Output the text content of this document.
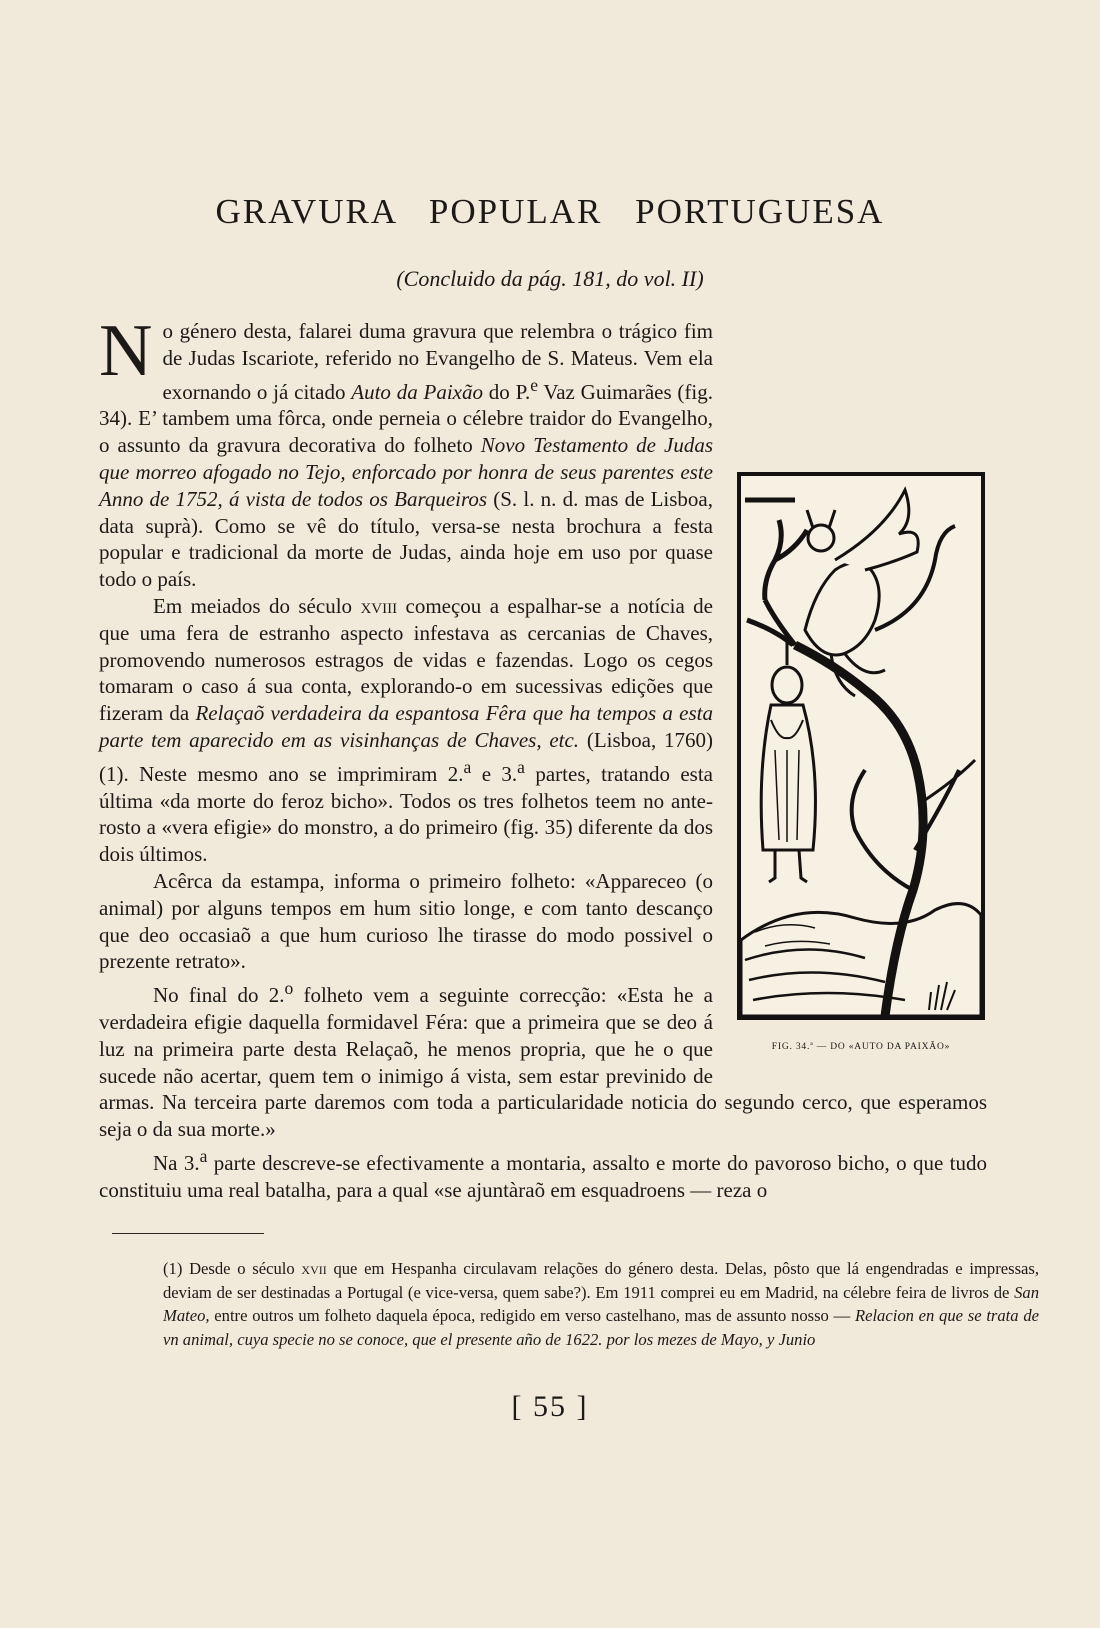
GRAVURA POPULAR PORTUGUESA

(Concluido da pág. 181, do vol. II)

FIG. 34.ª — DO «AUTO DA PAIXÃO»
N o género desta, falarei duma gravura que relembra o trágico fim de Judas Iscariote, referido no Evangelho de S. Mateus. Vem ela exornando o já citado Auto da Paixão do P.$^e$ Vaz Guimarães (fig. 34). E’ tambem uma fôrca, onde perneia o célebre traidor do Evangelho, o assunto da gravura decorativa do folheto Novo Testamento de Judas que morreo afogado no Tejo, enforcado por honra de seus parentes este Anno de 1752, á vista de todos os Barqueiros (S. l. n. d. mas de Lisboa, data suprà). Como se vê do título, versa-se nesta brochura a festa popular e tradicional da morte de Judas, ainda hoje em uso por quase todo o país.

Em meiados do século xviii começou a espalhar-se a notícia de que uma fera de estranho aspecto infestava as cercanias de Chaves, promovendo numerosos estragos de vidas e fazendas. Logo os cegos tomaram o caso á sua conta, explorando-o em sucessivas edições que fizeram da Relaçaõ verdadeira da espantosa Fêra que ha tempos a esta parte tem aparecido em as visinhanças de Chaves, etc. (Lisboa, 1760) (1). Neste mesmo ano se imprimiram 2.$^a$ e 3.$^a$ partes, tratando esta última «da morte do feroz bicho». Todos os tres folhetos teem no ante-rosto a «vera efigie» do monstro, a do primeiro (fig. 35) diferente da dos dois últimos.

Acêrca da estampa, informa o primeiro folheto: «Appareceo (o animal) por alguns tempos em hum sitio longe, e com tanto descanço que deo occasiaõ a que hum curioso lhe tirasse do modo possivel o prezente retrato».

No final do 2.$^o$ folheto vem a seguinte correcção: «Esta he a verdadeira efigie daquella formidavel Féra: que a primeira que se deo á luz na primeira parte desta Relaçaõ, he menos propria, que he o que sucede não acertar, quem tem o inimigo á vista, sem estar previnido de armas. Na terceira parte daremos com toda a particularidade noticia do segundo cerco, que esperamos seja o da sua morte.»

Na 3.$^a$ parte descreve-se efectivamente a montaria, assalto e morte do pavoroso bicho, o que tudo constituiu uma real batalha, para a qual «se ajuntàraõ em esquadroens — reza o

(1) Desde o século xvii que em Hespanha circulavam relações do género desta. Delas, pôsto que lá engendradas e impressas, deviam de ser destinadas a Portugal (e vice-versa, quem sabe?). Em 1911 comprei eu em Madrid, na célebre feira de livros de San Mateo, entre outros um folheto daquela época, redigido em verso castelhano, mas de assunto nosso — Relacion en que se trata de vn animal, cuya specie no se conoce, que el presente año de 1622. por los mezes de Mayo, y Junio

[ 55 ]
